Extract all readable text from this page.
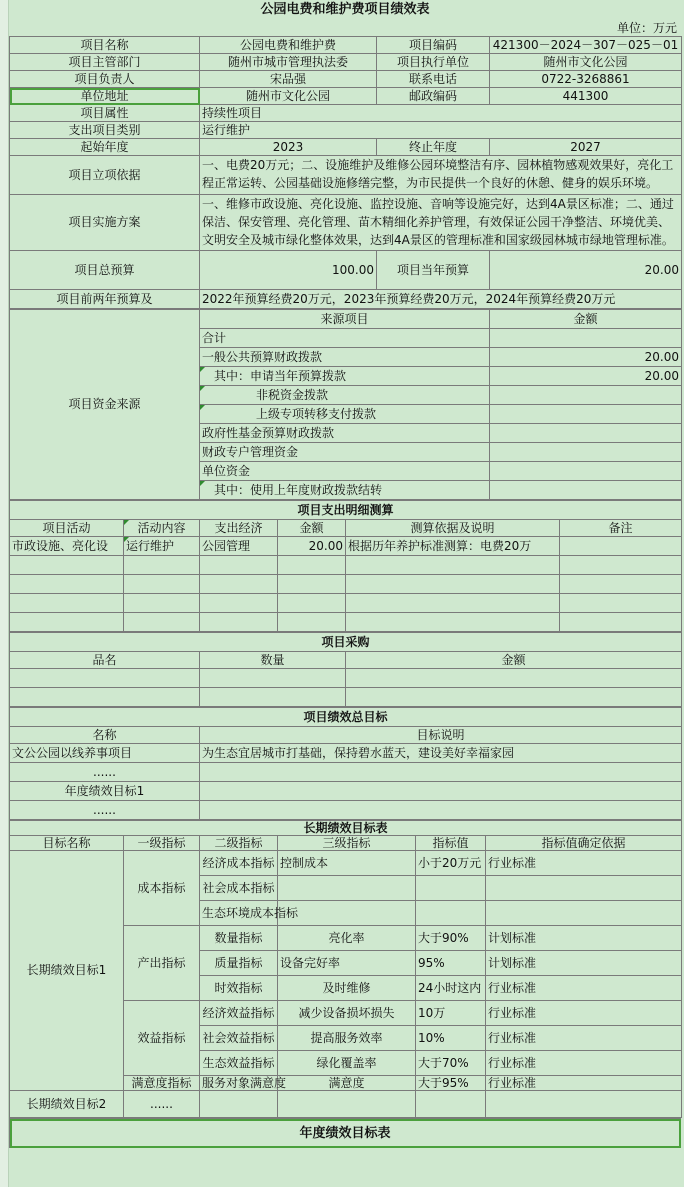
公园电费和维护费项目绩效表
单位：万元
项目名称	公园电费和维护费	项目编码	421300－2024－307－025－01
项目主管部门	随州市城市管理执法委	项目执行单位	随州市文化公园
项目负责人	宋品强	联系电话	0722-3268861
单位地址	随州市文化公园	邮政编码	441300
项目属性	持续性项目		
支出项目类别	运行维护		
起始年度	2023	终止年度	2027
项目立项依据	一、电费20万元；二、设施维护及维修公园环境整洁有序、园林植物感观效果好，亮化工程正常运转、公园基础设施修缮完整，为市民提供一个良好的休憩、健身的娱乐环境。		

项目实施方案	一、维修市政设施、亮化设施、监控设施、音响等设施完好，达到4A景区标准；二、通过保洁、保安管理、亮化管理、苗木精细化养护管理，有效保证公园干净整洁、环境优美、文明安全及城市绿化整体效果，达到4A景区的管理标准和国家级园林城市绿地管理标准。		

项目总预算	100.00	项目当年预算	20.00
项目前两年预算及	2022年预算经费20万元，2023年预算经费20万元，2024年预算经费20万元		
项目资金来源	来源项目	金额
	合计	
	一般公共预算财政拨款	20.00
	其中：申请当年预算拨款	20.00
	非税资金拨款	
	上级专项转移支付拨款	
	政府性基金预算财政拨款	
	财政专户管理资金	
	单位资金	
	其中：使用上年度财政拨款结转	
项目支出明细测算					
项目活动	活动内容	支出经济	金额	测算依据及说明	备注
市政设施、亮化设	运行维护	公园管理	20.00	根据历年养护标准测算：电费20万	

项目采购		
品名	数量	金额

项目绩效总目标	
名称	目标说明
文公公园以线养事项目	为生态宜居城市打基础，保持碧水蓝天，建设美好幸福家园
......	
年度绩效目标1	
......	
长期绩效目标表					
目标名称	一级指标	二级指标	三级指标	指标值	指标值确定依据
长期绩效目标1	成本指标	经济成本指标	控制成本	小于20万元	行业标准
		社会成本指标			
		生态环境成本指标			
	产出指标	数量指标	亮化率	大于90%	计划标准
		质量指标	设备完好率	95%	计划标准
		时效指标	及时维修	24小时这内	行业标准
	效益指标	经济效益指标	减少设备损坏损失	10万	行业标准
		社会效益指标	提高服务效率	10%	行业标准
		生态效益指标	绿化覆盖率	大于70%	行业标准
	满意度指标	服务对象满意度	满意度	大于95%	行业标准
长期绩效目标2	......				
年度绩效目标表
